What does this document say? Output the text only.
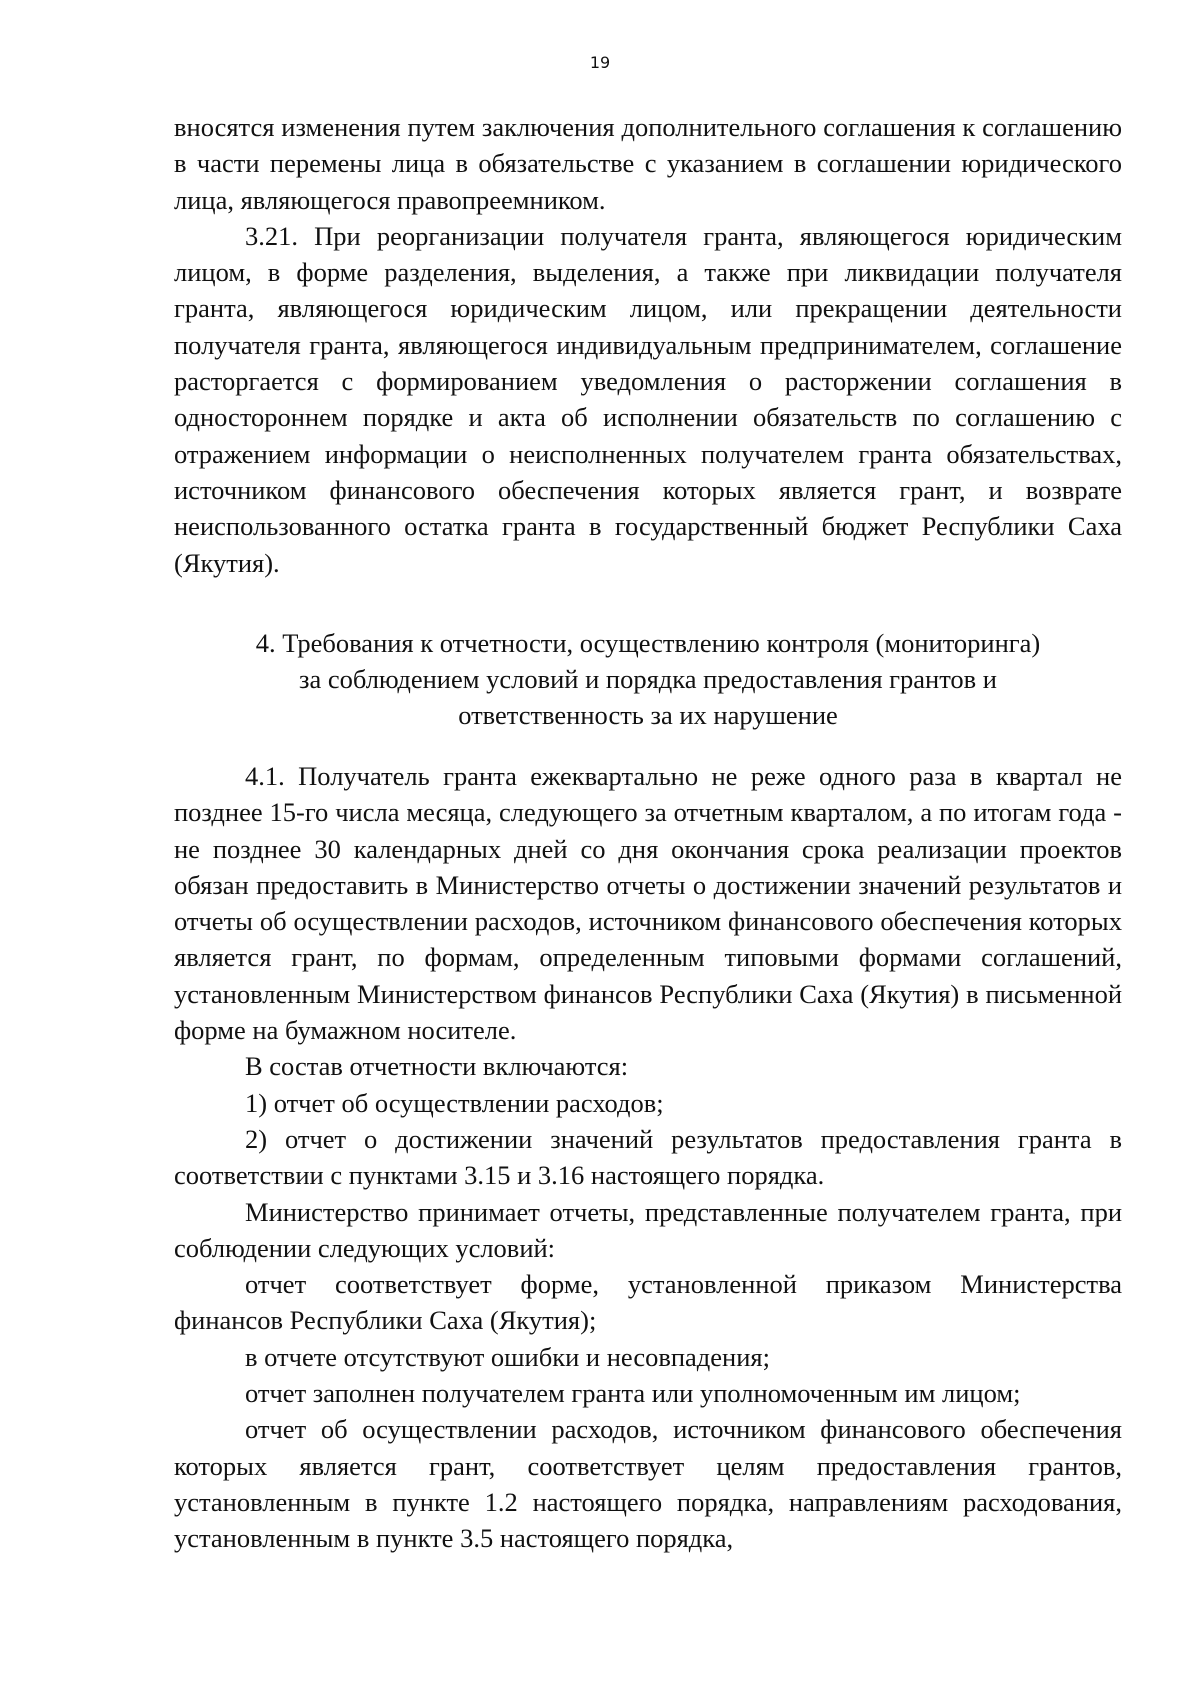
19

вносятся изменения путем заключения дополнительного соглашения к соглашению в части перемены лица в обязательстве с указанием в соглашении юридического лица, являющегося правопреемником.

3.21. При реорганизации получателя гранта, являющегося юридическим лицом, в форме разделения, выделения, а также при ликвидации получателя гранта, являющегося юридическим лицом, или прекращении деятельности получателя гранта, являющегося индивидуальным предпринимателем, соглашение расторгается с формированием уведомления о расторжении соглашения в одностороннем порядке и акта об исполнении обязательств по соглашению с отражением информации о неисполненных получателем гранта обязательствах, источником финансового обеспечения которых является грант, и возврате неиспользованного остатка гранта в государственный бюджет Республики Саха (Якутия).

4. Требования к отчетности, осуществлению контроля (мониторинга)
за соблюдением условий и порядка предоставления грантов и
ответственность за их нарушение

4.1. Получатель гранта ежеквартально не реже одного раза в квартал не позднее 15-го числа месяца, следующего за отчетным кварталом, а по итогам года - не позднее 30 календарных дней со дня окончания срока реализации проектов обязан предоставить в Министерство отчеты о достижении значений результатов и отчеты об осуществлении расходов, источником финансового обеспечения которых является грант, по формам, определенным типовыми формами соглашений, установленным Министерством финансов Республики Саха (Якутия) в письменной форме на бумажном носителе.

В состав отчетности включаются:

1) отчет об осуществлении расходов;

2) отчет о достижении значений результатов предоставления гранта в соответствии с пунктами 3.15 и 3.16 настоящего порядка.

Министерство принимает отчеты, представленные получателем гранта, при соблюдении следующих условий:

отчет соответствует форме, установленной приказом Министерства финансов Республики Саха (Якутия);

в отчете отсутствуют ошибки и несовпадения;

отчет заполнен получателем гранта или уполномоченным им лицом;

отчет об осуществлении расходов, источником финансового обеспечения которых является грант, соответствует целям предоставления грантов, установленным в пункте 1.2 настоящего порядка, направлениям расходования, установленным в пункте 3.5 настоящего порядка,
